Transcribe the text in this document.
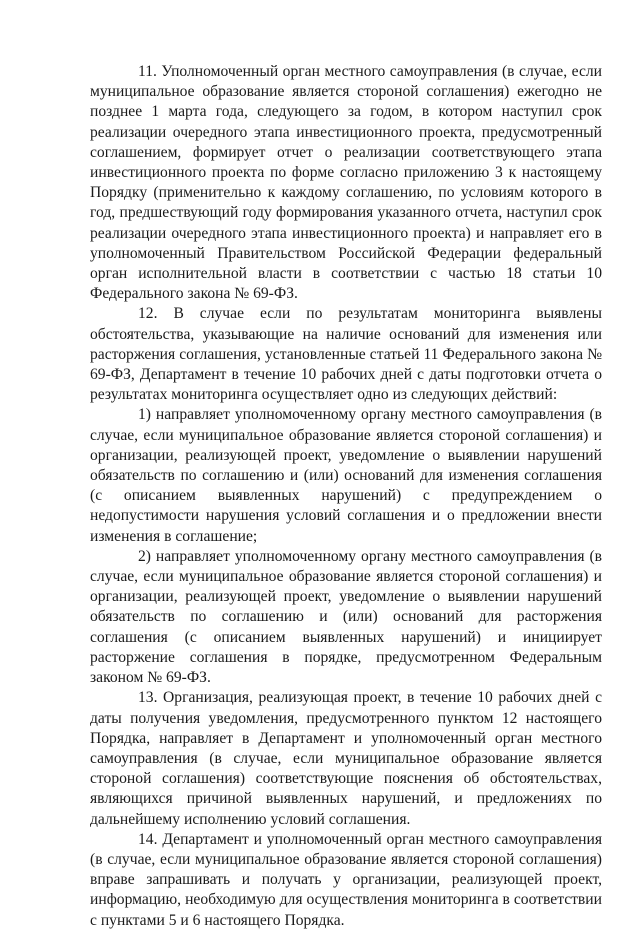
11. Уполномоченный орган местного самоуправления (в случае, если муниципальное образование является стороной соглашения) ежегодно не позднее 1 марта года, следующего за годом, в котором наступил срок реализации очередного этапа инвестиционного проекта, предусмотренный соглашением, формирует отчет о реализации соответствующего этапа инвестиционного проекта по форме согласно приложению 3 к настоящему Порядку (применительно к каждому соглашению, по условиям которого в год, предшествующий году формирования указанного отчета, наступил срок реализации очередного этапа инвестиционного проекта) и направляет его в уполномоченный Правительством Российской Федерации федеральный орган исполнительной власти в соответствии с частью 18 статьи 10 Федерального закона № 69-ФЗ.

12. В случае если по результатам мониторинга выявлены обстоятельства, указывающие на наличие оснований для изменения или расторжения соглашения, установленные статьей 11 Федерального закона № 69-ФЗ, Департамент в течение 10 рабочих дней с даты подготовки отчета о результатах мониторинга осуществляет одно из следующих действий:

1) направляет уполномоченному органу местного самоуправления (в случае, если муниципальное образование является стороной соглашения) и организации, реализующей проект, уведомление о выявлении нарушений обязательств по соглашению и (или) оснований для изменения соглашения (с описанием выявленных нарушений) с предупреждением о недопустимости нарушения условий соглашения и о предложении внести изменения в соглашение;

2) направляет уполномоченному органу местного самоуправления (в случае, если муниципальное образование является стороной соглашения) и организации, реализующей проект, уведомление о выявлении нарушений обязательств по соглашению и (или) оснований для расторжения соглашения (с описанием выявленных нарушений) и инициирует расторжение соглашения в порядке, предусмотренном Федеральным законом № 69-ФЗ.

13. Организация, реализующая проект, в течение 10 рабочих дней с даты получения уведомления, предусмотренного пунктом 12 настоящего Порядка, направляет в Департамент и уполномоченный орган местного самоуправления (в случае, если муниципальное образование является стороной соглашения) соответствующие пояснения об обстоятельствах, являющихся причиной выявленных нарушений, и предложениях по дальнейшему исполнению условий соглашения.

14. Департамент и уполномоченный орган местного самоуправления (в случае, если муниципальное образование является стороной соглашения) вправе запрашивать и получать у организации, реализующей проект, информацию, необходимую для осуществления мониторинга в соответствии с пунктами 5 и 6 настоящего Порядка.
